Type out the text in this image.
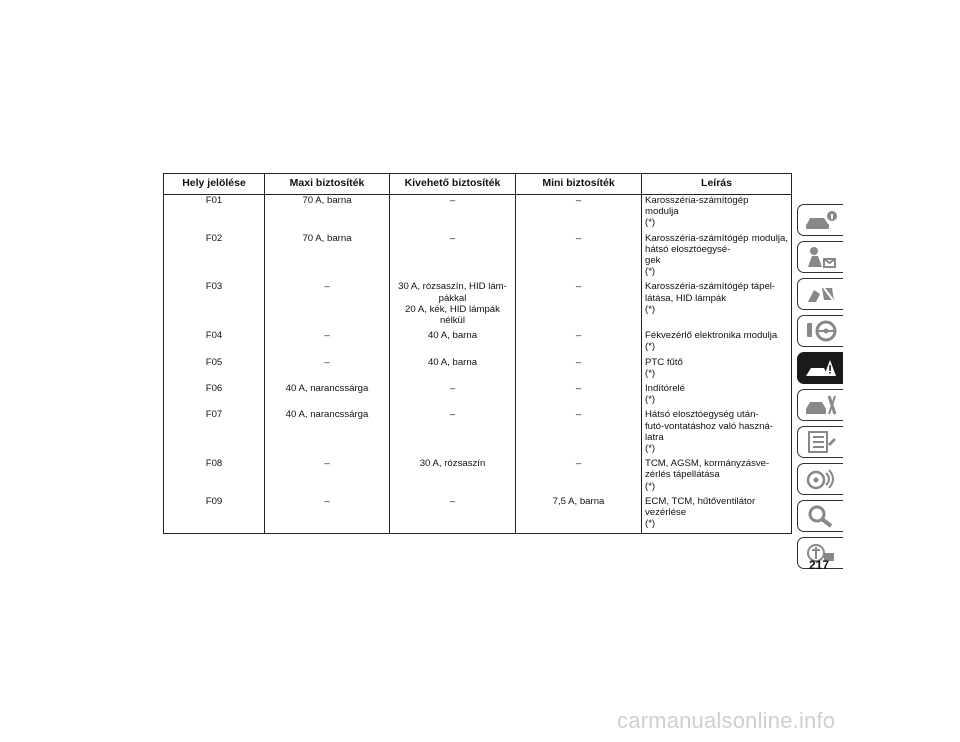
Hely jelölése	Maxi biztosíték	Kivehető biztosíték	Mini biztosíték	Leírás
F01	70 A, barna	–	–	Karosszéria-számítógép
modulja
(*)
F02	70 A, barna	–	–	Karosszéria-számítógép modulja, hátsó elosztóegysé-
gek
(*)
F03	–	30 A, rózsaszín, HID lám-
pákkal
20 A, kék, HID lámpák
nélkül	–	Karosszéria-számítógép tápel-
látása, HID lámpák
(*)
F04	–	40 A, barna	–	Fékvezérlő elektronika modulja
(*)
F05	–	40 A, barna	–	PTC fűtő
(*)
F06	40 A, narancssárga	–	–	Indítórelé
(*)
F07	40 A, narancssárga	–	–	Hátsó elosztóegység után-
futó-vontatáshoz való haszná-
latra
(*)
F08	–	30 A, rózsaszín	–	TCM, AGSM, kormányzásve-
zérlés tápellátása
(*)
F09	–	–	7,5 A, barna	ECM, TCM, hűtőventilátor
vezérlése
(*)
217
carmanualsonline.info
